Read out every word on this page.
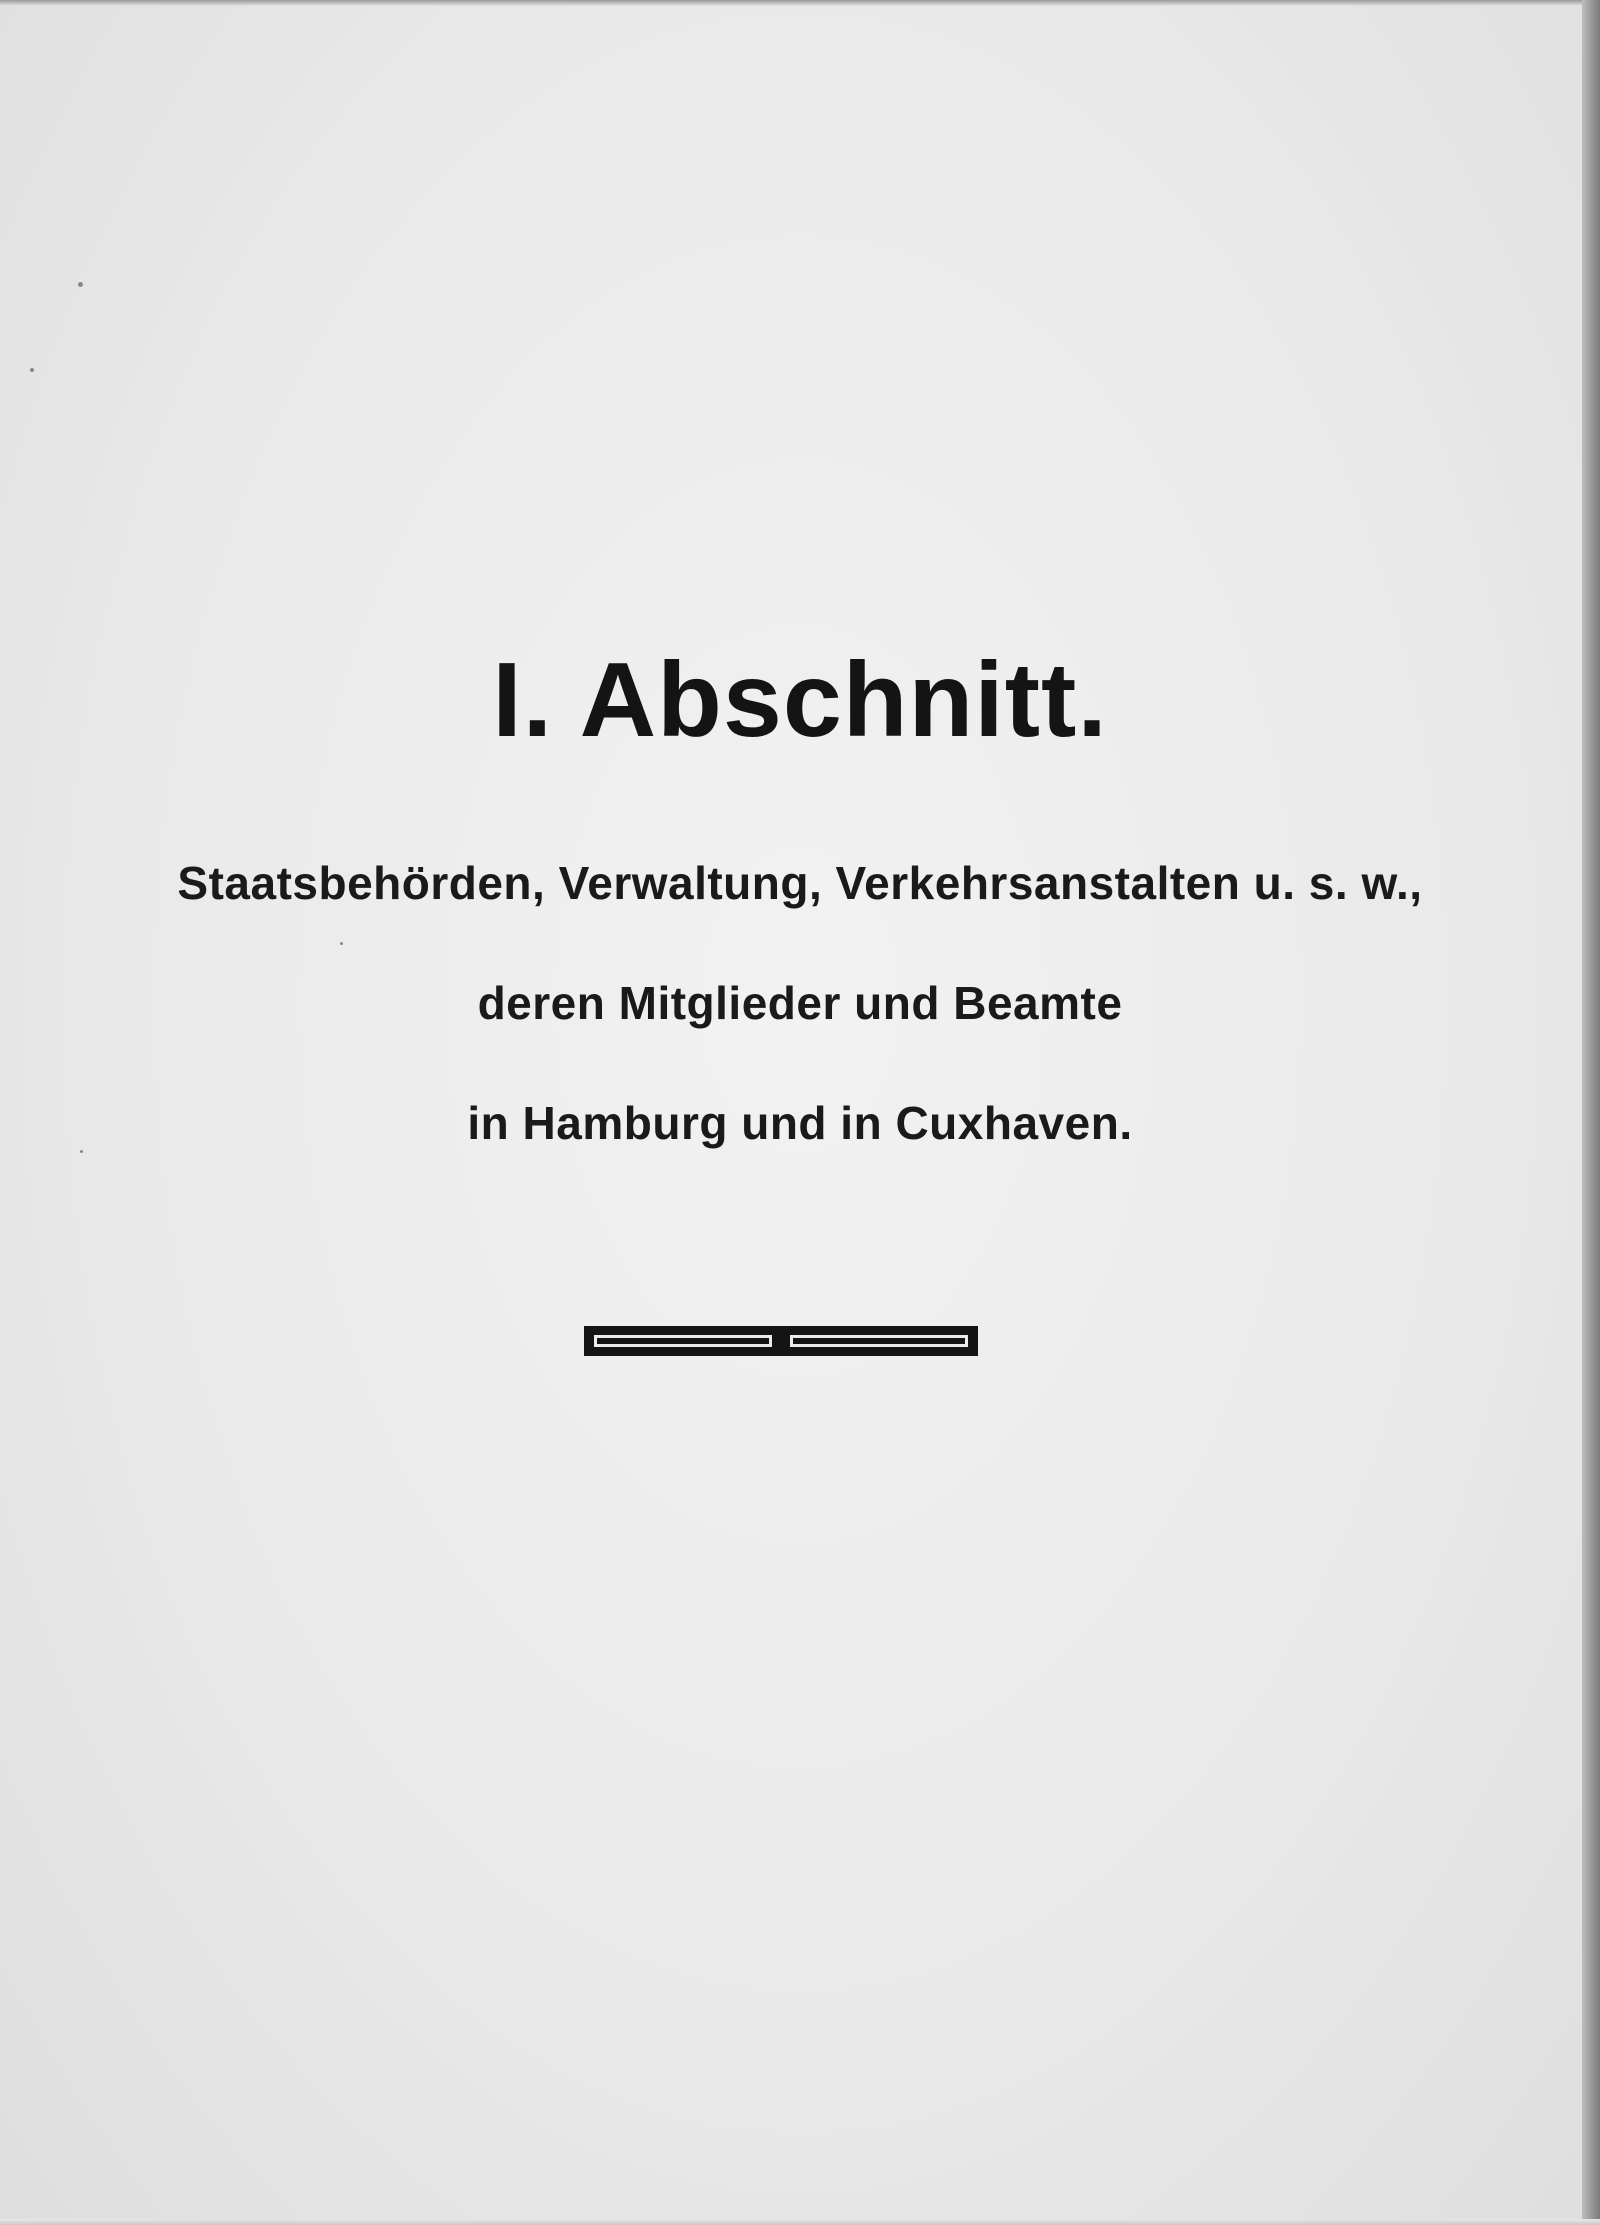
I. Abschnitt.
Staatsbehörden, Verwaltung, Verkehrsanstalten u. s. w.,
deren Mitglieder und Beamte
in Hamburg und in Cuxhaven.
